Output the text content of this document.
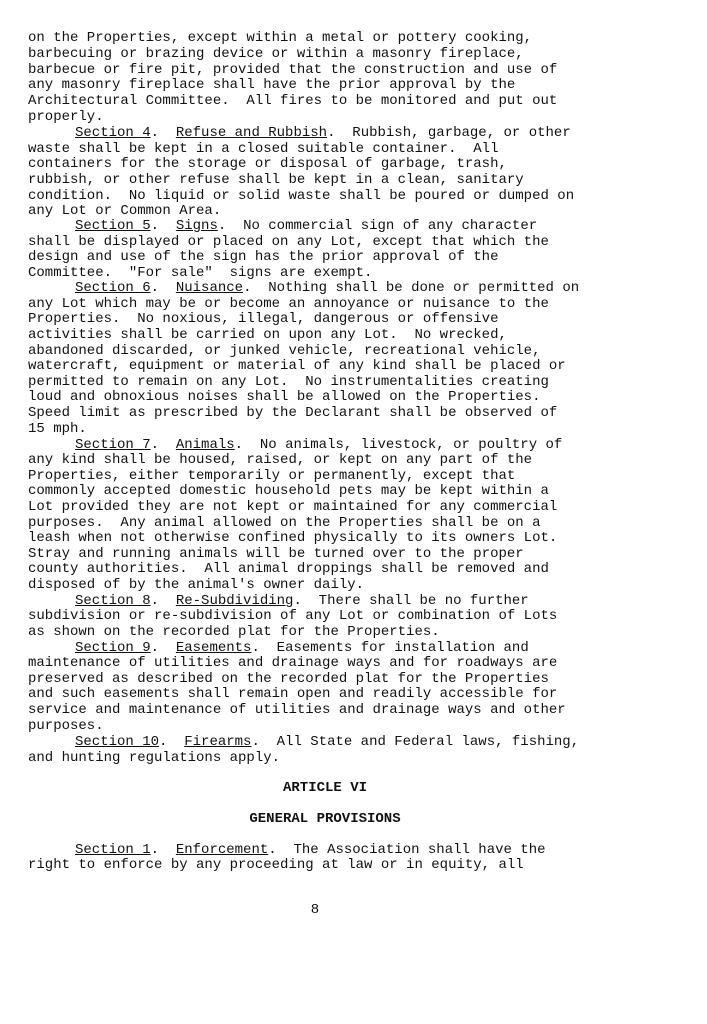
on the Properties, except within a metal or pottery cooking,
barbecuing or brazing device or within a masonry fireplace,
barbecue or fire pit, provided that the construction and use of
any masonry fireplace shall have the prior approval by the
Architectural Committee.  All fires to be monitored and put out
properly.
Section 4.  Refuse and Rubbish.  Rubbish, garbage, or other
waste shall be kept in a closed suitable container.  All
containers for the storage or disposal of garbage, trash,
rubbish, or other refuse shall be kept in a clean, sanitary
condition.  No liquid or solid waste shall be poured or dumped on
any Lot or Common Area.
Section 5.  Signs.  No commercial sign of any character
shall be displayed or placed on any Lot, except that which the
design and use of the sign has the prior approval of the
Committee.  "For sale"  signs are exempt.
Section 6.  Nuisance.  Nothing shall be done or permitted on
any Lot which may be or become an annoyance or nuisance to the
Properties.  No noxious, illegal, dangerous or offensive
activities shall be carried on upon any Lot.  No wrecked,
abandoned discarded, or junked vehicle, recreational vehicle,
watercraft, equipment or material of any kind shall be placed or
permitted to remain on any Lot.  No instrumentalities creating
loud and obnoxious noises shall be allowed on the Properties.
Speed limit as prescribed by the Declarant shall be observed of
15 mph.
Section 7.  Animals.  No animals, livestock, or poultry of
any kind shall be housed, raised, or kept on any part of the
Properties, either temporarily or permanently, except that
commonly accepted domestic household pets may be kept within a
Lot provided they are not kept or maintained for any commercial
purposes.  Any animal allowed on the Properties shall be on a
leash when not otherwise confined physically to its owners Lot.
Stray and running animals will be turned over to the proper
county authorities.  All animal droppings shall be removed and
disposed of by the animal's owner daily.
Section 8.  Re-Subdividing.  There shall be no further
subdivision or re-subdivision of any Lot or combination of Lots
as shown on the recorded plat for the Properties.
Section 9.  Easements.  Easements for installation and
maintenance of utilities and drainage ways and for roadways are
preserved as described on the recorded plat for the Properties
and such easements shall remain open and readily accessible for
service and maintenance of utilities and drainage ways and other
purposes.
Section 10.  Firearms.  All State and Federal laws, fishing,
and hunting regulations apply.
ARTICLE VI
GENERAL PROVISIONS
Section 1.  Enforcement.  The Association shall have the
right to enforce by any proceeding at law or in equity, all
8
